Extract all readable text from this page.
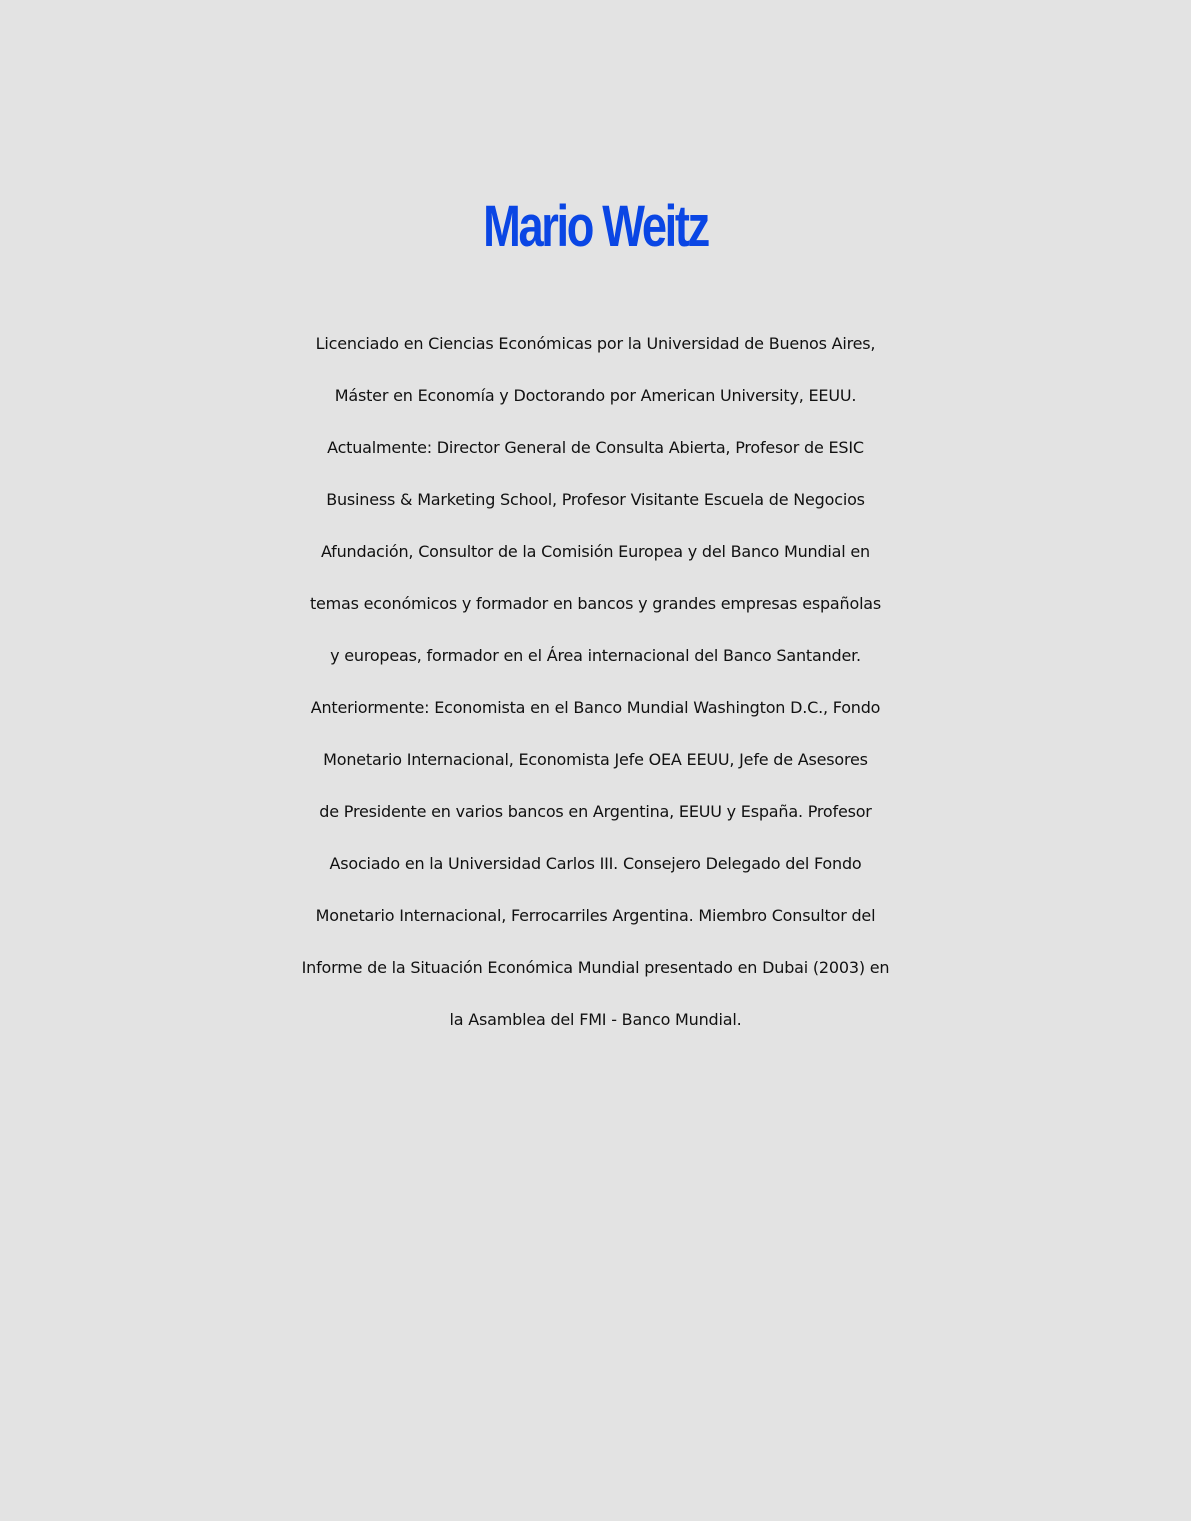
Mario Weitz
Licenciado en Ciencias Económicas por la Universidad de Buenos Aires,
Máster en Economía y Doctorando por American University, EEUU.
Actualmente: Director General de Consulta Abierta, Profesor de ESIC
Business & Marketing School, Profesor Visitante Escuela de Negocios
Afundación, Consultor de la Comisión Europea y del Banco Mundial en
temas económicos y formador en bancos y grandes empresas españolas
y europeas, formador en el Área internacional del Banco Santander.
Anteriormente: Economista en el Banco Mundial Washington D.C., Fondo
Monetario Internacional, Economista Jefe OEA EEUU, Jefe de Asesores
de Presidente en varios bancos en Argentina, EEUU y España. Profesor
Asociado en la Universidad Carlos III. Consejero Delegado del Fondo
Monetario Internacional, Ferrocarriles Argentina. Miembro Consultor del
Informe de la Situación Económica Mundial presentado en Dubai (2003) en
la Asamblea del FMI - Banco Mundial.
